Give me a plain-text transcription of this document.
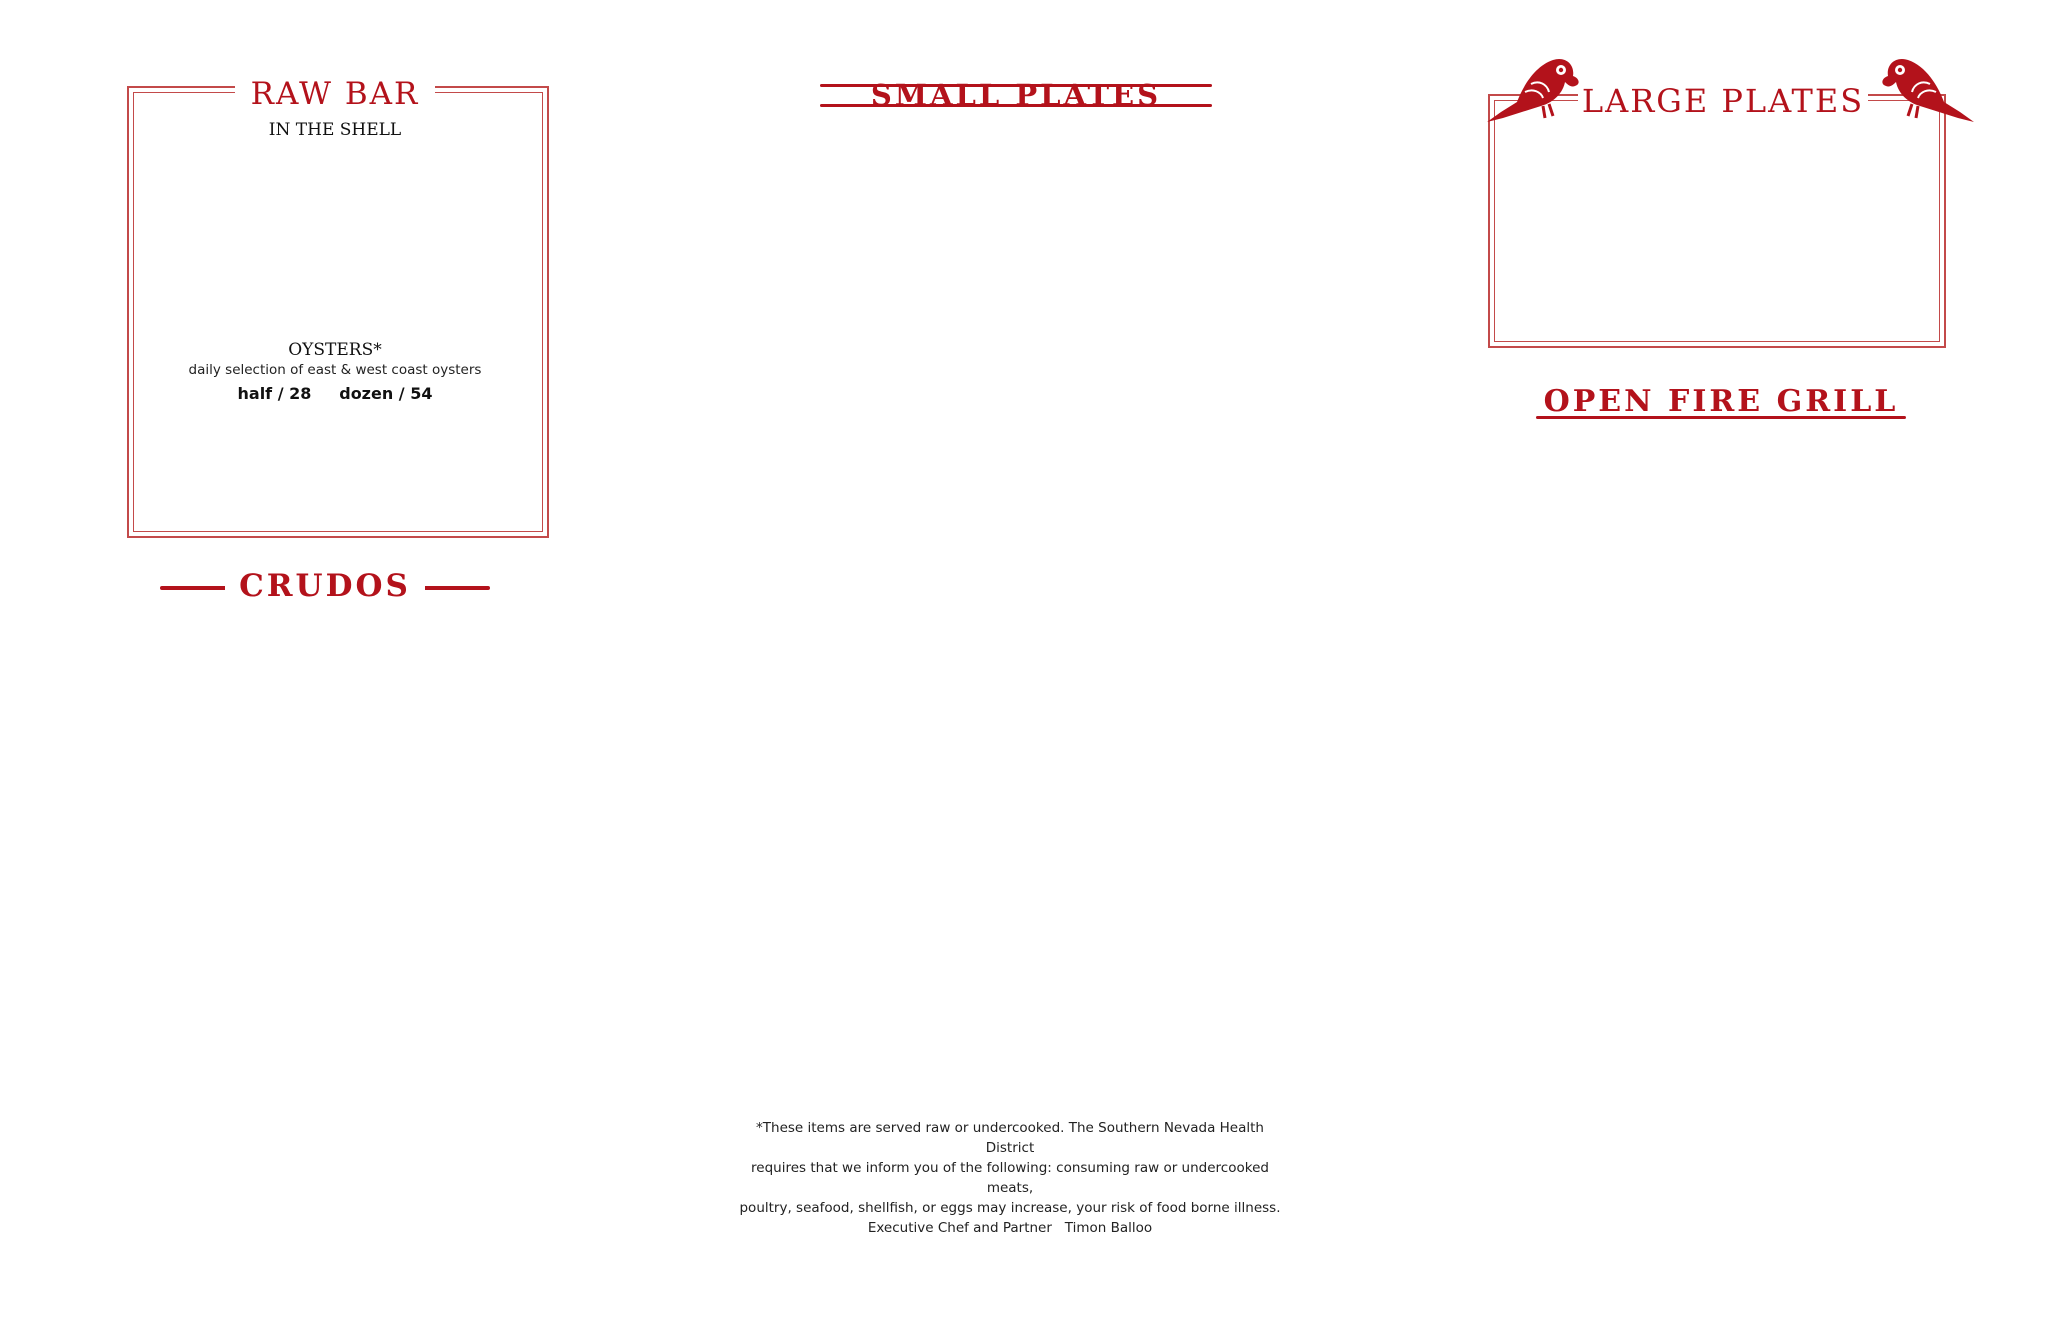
RAW BAR
IN THE SHELL
OYSTERS*
daily selection of east & west coast oysters
half / 28     dozen / 54
CRUDOS
SMALL PLATES	LARGE PLATES
OPEN FIRE GRILL
*These items are served raw or undercooked. The Southern Nevada Health District
requires that we inform you of the following: consuming raw or undercooked meats,
poultry, seafood, shellfish, or eggs may increase, your risk of food borne illness.
Executive Chef and Partner   Timon Balloo
